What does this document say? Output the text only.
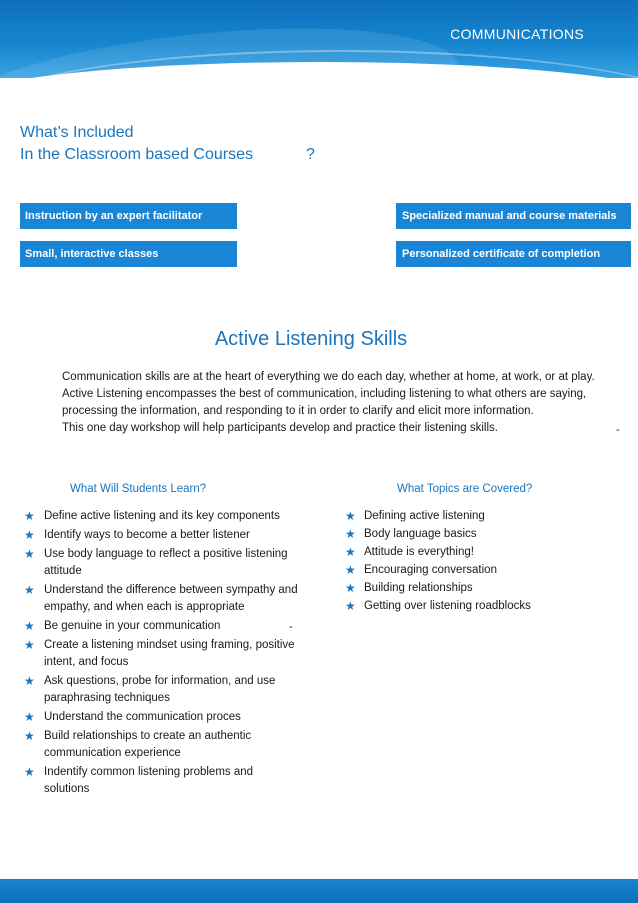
COMMUNICATIONS
What’s Included
In the Classroom based Courses	?
Instruction by an expert facilitator
Small, interactive classes
Specialized manual and course materials
Personalized certificate of completion
Active Listening Skills

Communication skills are at the heart of everything we do each day, whether at home, at work, or at play.

Active Listening encompasses the best of communication, including listening to what others are saying,

processing the information, and responding to it in order to clarify and elicit more information.

This one day workshop will help participants develop and practice their listening skills.	-
What Will Students Learn?
★ Define active listening and its key components
★ Identify ways to become a better listener
★ Use body language to reflect a positive listening
attitude
★ Understand the difference between sympathy and
empathy, and when each is appropriate
★ Be genuine in your communication
★ Create a listening mindset using framing, positive
intent, and focus
★ Ask questions, probe for information, and use
paraphrasing techniques
★ Understand the communication proces
★ Build relationships to create an authentic
communication experience
★ Indentify common listening problems and
solutions
-
What Topics are Covered?
★ Defining active listening
★ Body language basics
★ Attitude is everything!
★ Encouraging conversation
★ Building relationships
★ Getting over listening roadblocks
